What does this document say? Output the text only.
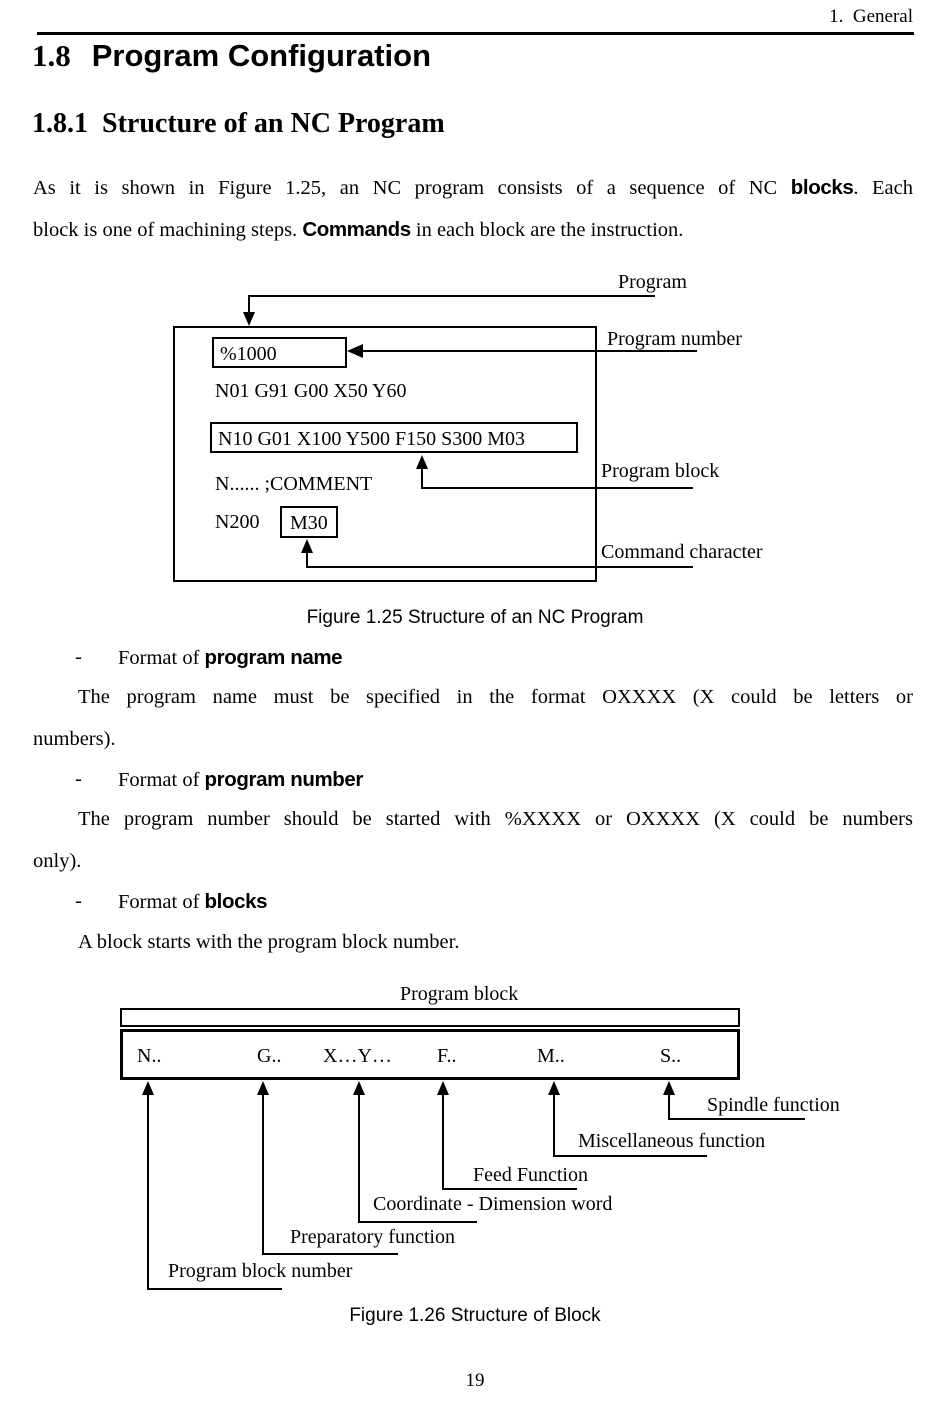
1.  General
1.8 Program Configuration
1.8.1  Structure of an NC Program
As it is shown in Figure 1.25, an NC program consists of a sequence of NC blocks. Each
block is one of machining steps. Commands in each block are the instruction.
Program
%1000
Program number
N01 G91 G00 X50 Y60
N10 G01 X100 Y500 F150 S300 M03
N...... ;COMMENT
N200	M30
Program block
Command character
Figure 1.25 Structure of an NC Program
- Format of program name
The program name must be specified in the format OXXXX (X could be letters or
numbers).
- Format of program number
The program number should be started with %XXXX or OXXXX (X could be numbers
only).
- Format of blocks
A block starts with the program block number.
Program block
N..	G.. X…Y… F..	M..	S..
Spindle function
Miscellaneous function
Feed Function
Coordinate - Dimension word
Preparatory function
Program block number
Figure 1.26 Structure of Block
19
